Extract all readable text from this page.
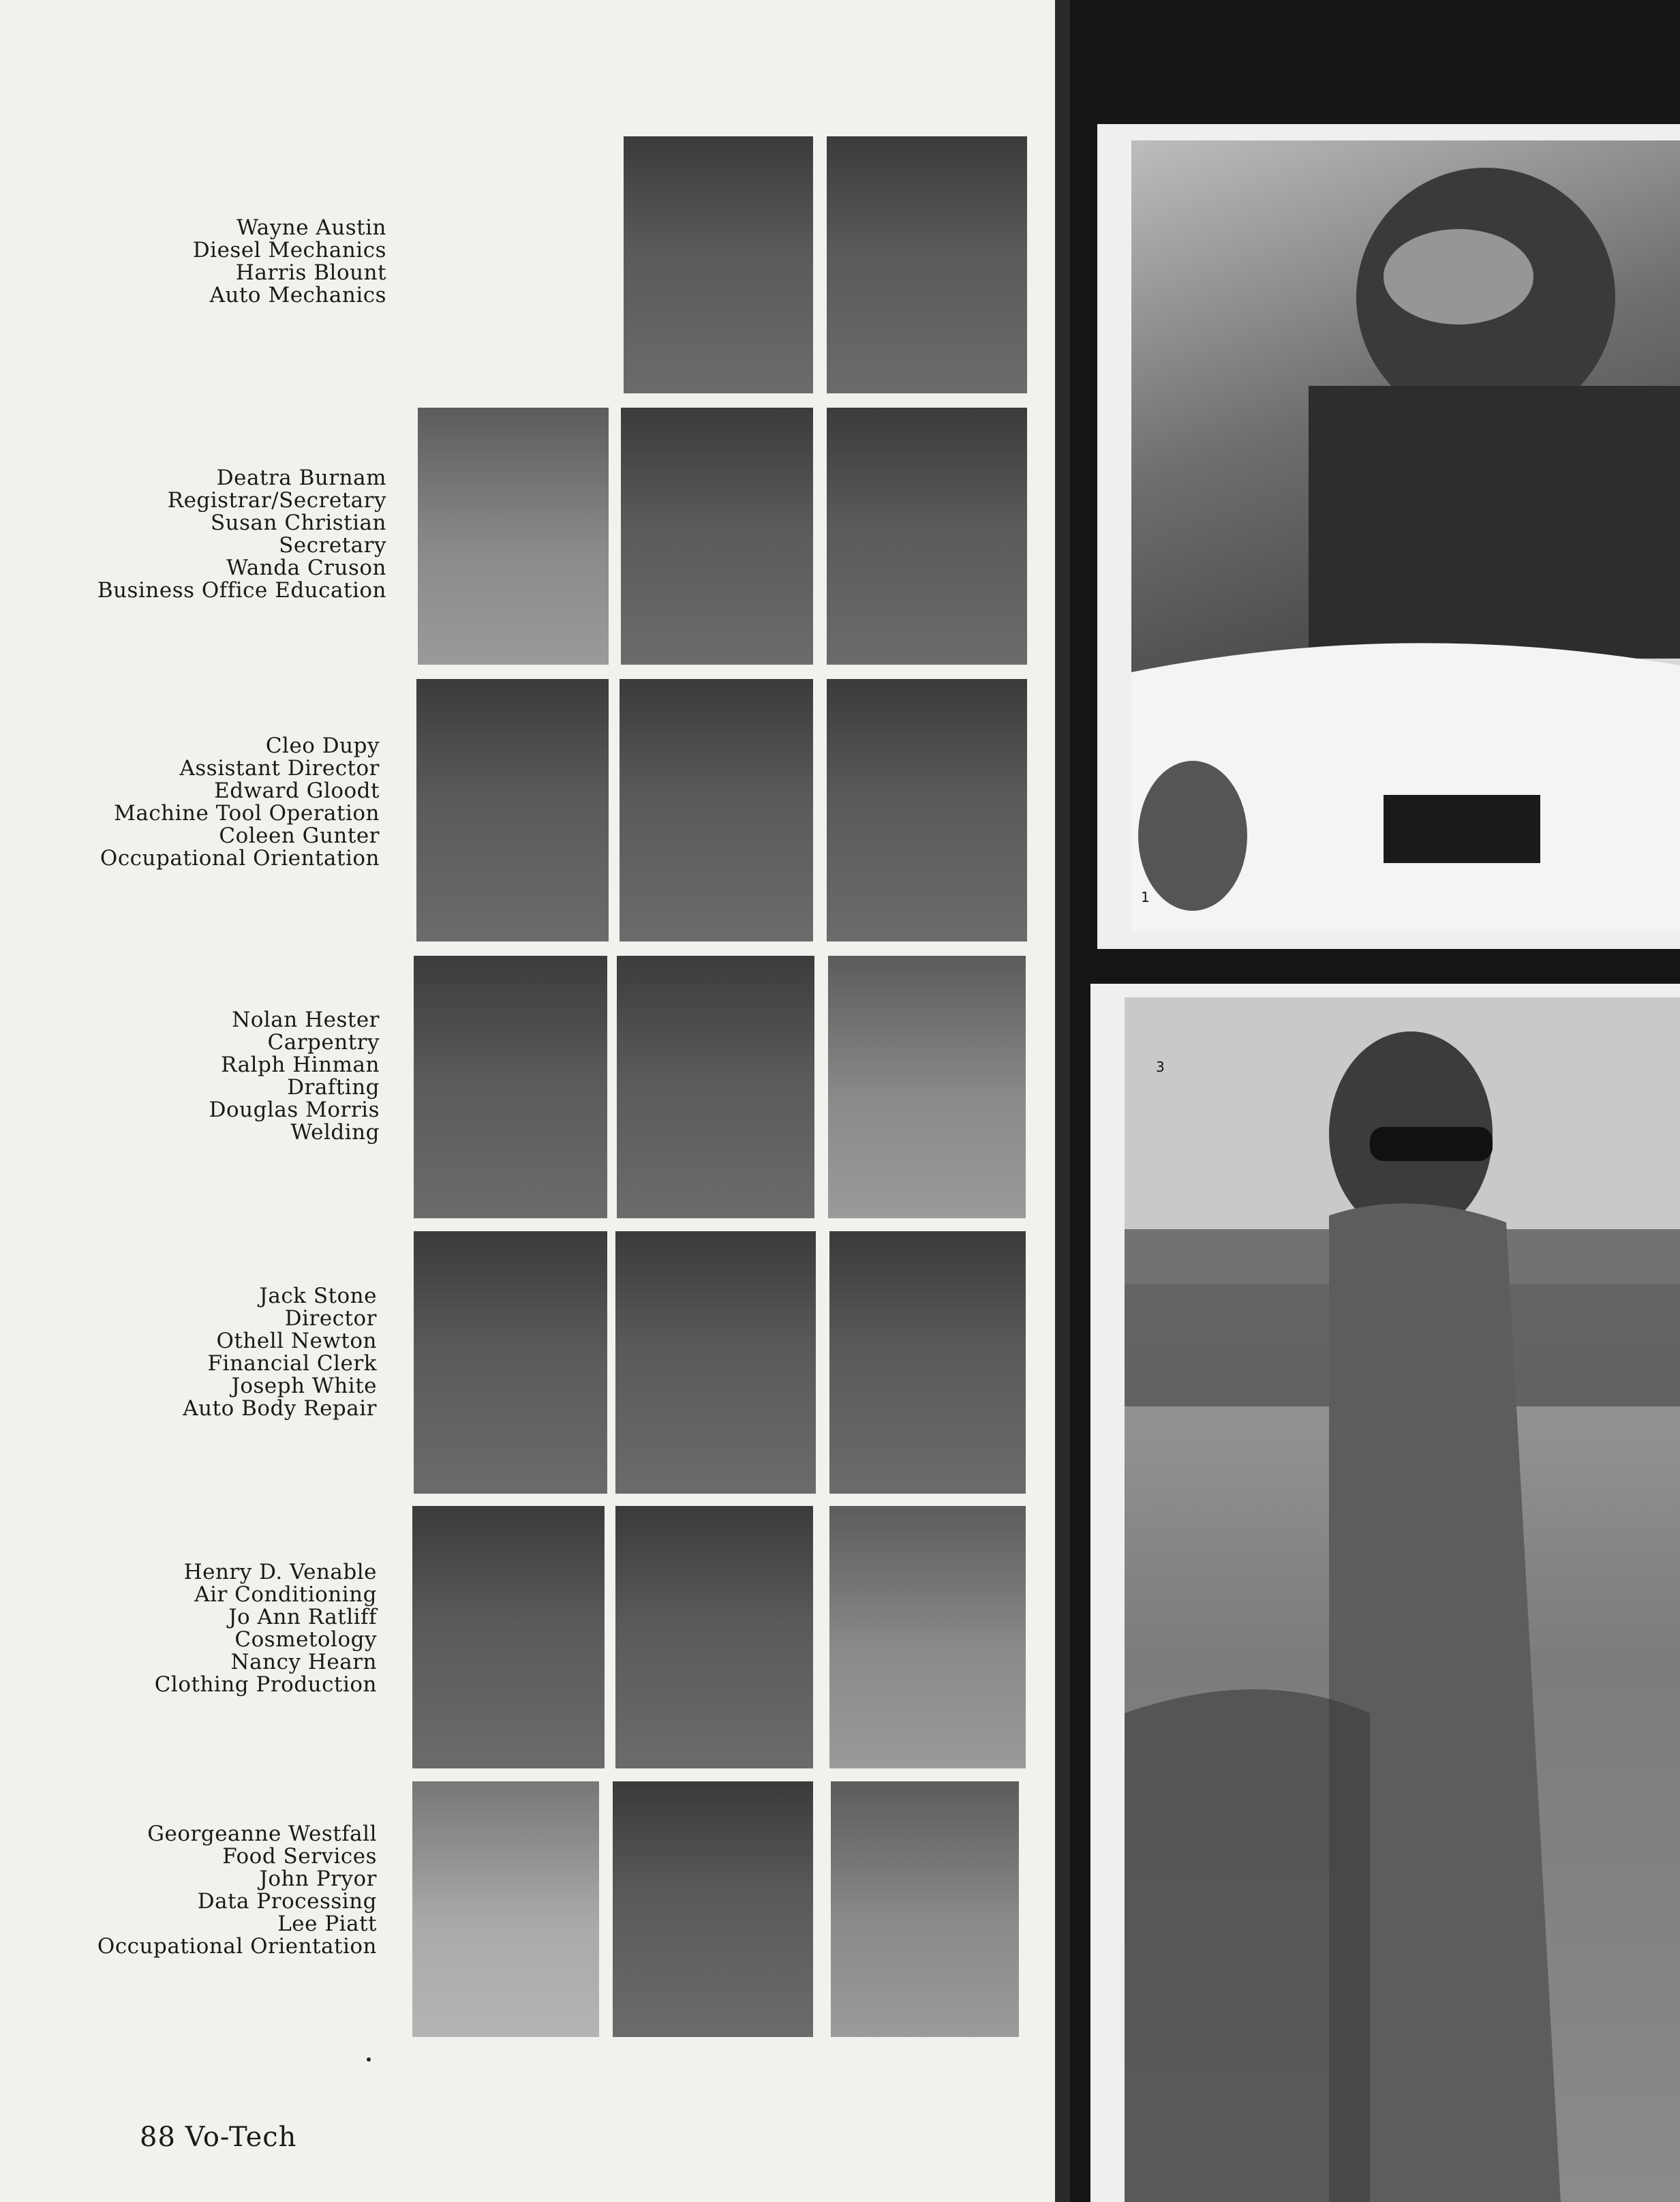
Wayne Austin
Diesel Mechanics
Harris Blount
Auto Mechanics
Deatra Burnam
Registrar/Secretary
Susan Christian
Secretary
Wanda Cruson
Business Office Education
Cleo Dupy
Assistant Director
Edward Gloodt
Machine Tool Operation
Coleen Gunter
Occupational Orientation
Nolan Hester
Carpentry
Ralph Hinman
Drafting
Douglas Morris
Welding
Jack Stone
Director
Othell Newton
Financial Clerk
Joseph White
Auto Body Repair
Henry D. Venable
Air Conditioning
Jo Ann Ratliff
Cosmetology
Nancy Hearn
Clothing Production
Georgeanne Westfall
Food Services
John Pryor
Data Processing
Lee Piatt
Occupational Orientation
1
3
88 Vo-Tech
